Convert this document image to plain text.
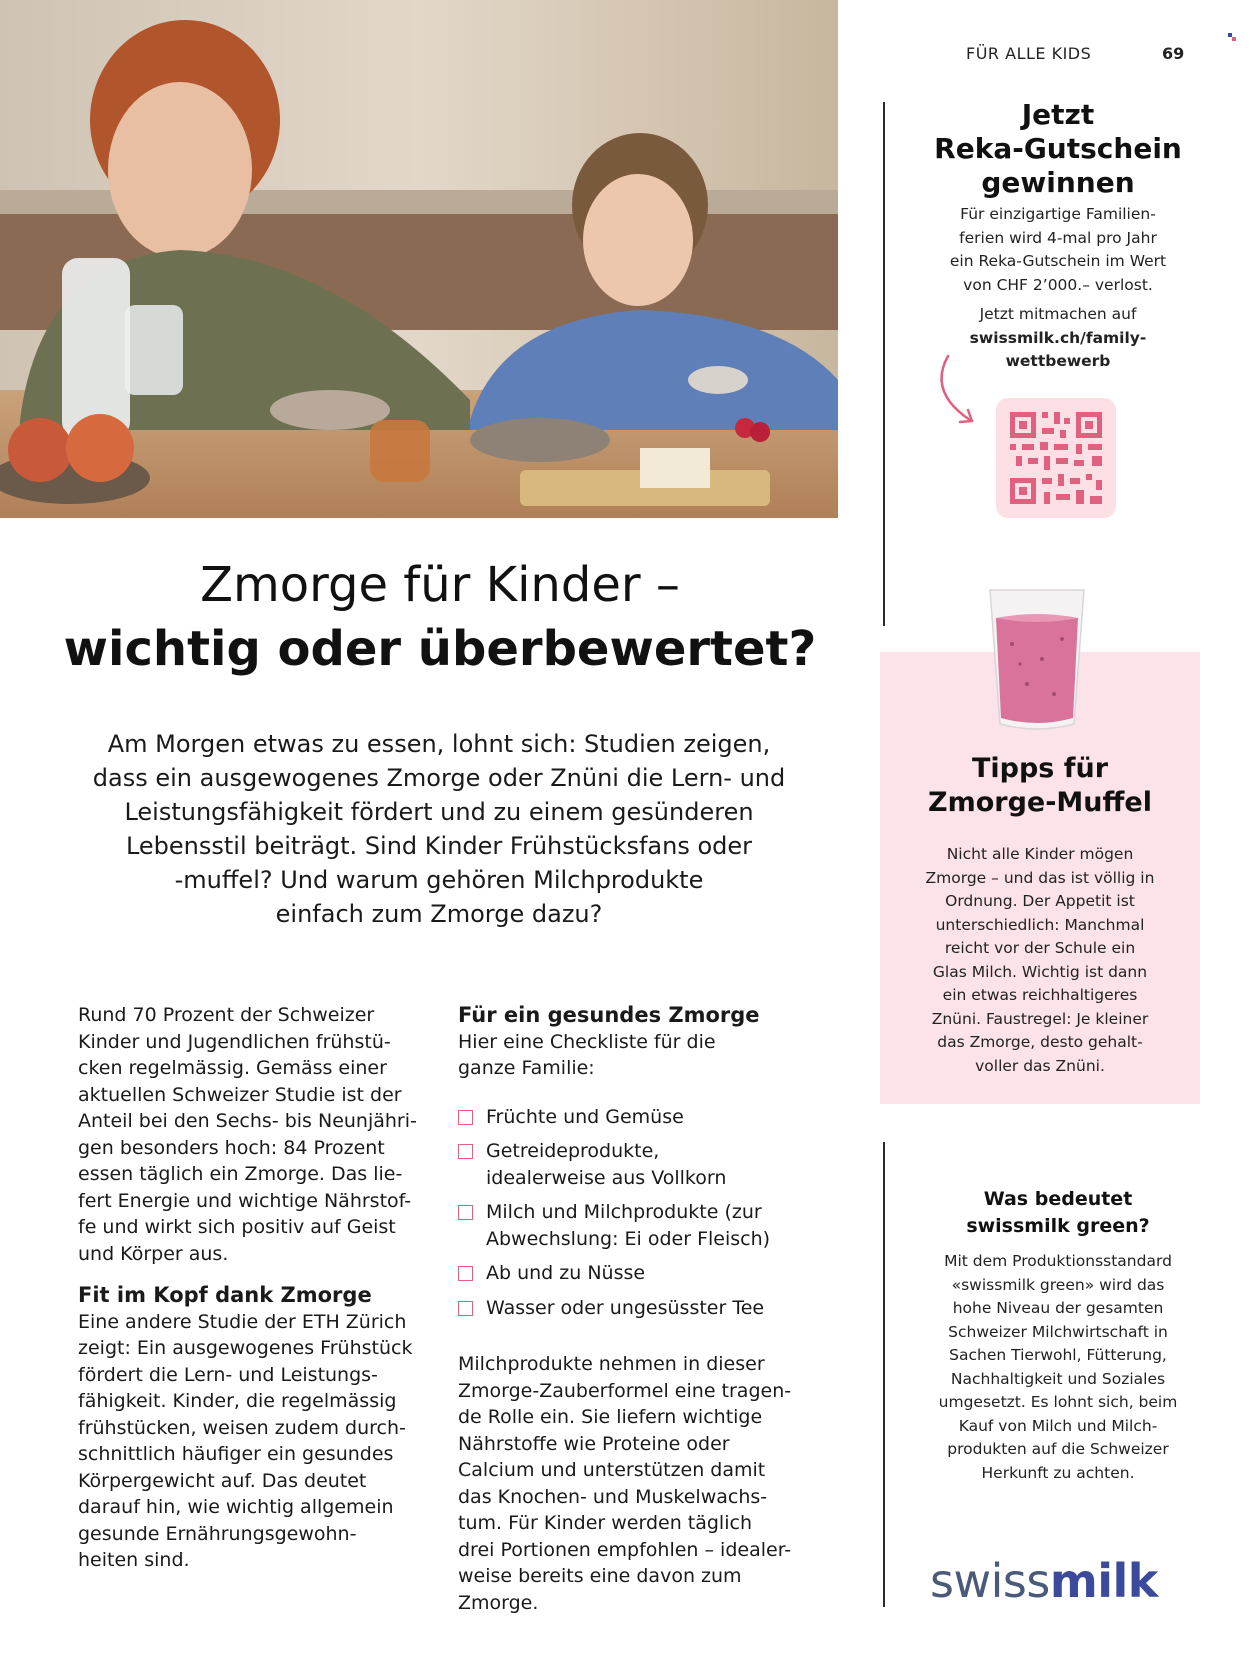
FÜR ALLE KIDS	69
Jetzt
Reka-Gutschein
gewinnen
Für einzigartige Familien-
ferien wird 4-mal pro Jahr
ein Reka-Gutschein im Wert
von CHF 2’000.– verlost.
Jetzt mitmachen auf
swissmilk.ch/family-
wettbewerb
Zmorge für Kinder –
wichtig oder überbewertet?
Am Morgen etwas zu essen, lohnt sich: Studien zeigen,
dass ein ausgewogenes Zmorge oder Znüni die Lern- und
Leistungsfähigkeit fördert und zu einem gesünderen
Lebensstil beiträgt. Sind Kinder Frühstücksfans oder
-muffel? Und warum gehören Milchprodukte
einfach zum Zmorge dazu?
Rund 70 Prozent der Schweizer
Kinder und Jugendlichen frühstü-
cken regelmässig. Gemäss einer
aktuellen Schweizer Studie ist der
Anteil bei den Sechs- bis Neunjähri-
gen besonders hoch: 84 Prozent
essen täglich ein Zmorge. Das lie-
fert Energie und wichtige Nährstof-
fe und wirkt sich positiv auf Geist
und Körper aus.
Fit im Kopf dank Zmorge
Eine andere Studie der ETH Zürich
zeigt: Ein ausgewogenes Frühstück
fördert die Lern- und Leistungs-
fähigkeit. Kinder, die regelmässig
frühstücken, weisen zudem durch-
schnittlich häufiger ein gesundes
Körpergewicht auf. Das deutet
darauf hin, wie wichtig allgemein
gesunde Ernährungsgewohn-
heiten sind.
Für ein gesundes Zmorge
Hier eine Checkliste für die
ganze Familie:
Früchte und Gemüse
Getreideprodukte,
idealerweise aus Vollkorn
Milch und Milchprodukte (zur
Abwechslung: Ei oder Fleisch)
Ab und zu Nüsse
Wasser oder ungesüsster Tee
Milchprodukte nehmen in dieser
Zmorge-Zauberformel eine tragen-
de Rolle ein. Sie liefern wichtige
Nährstoffe wie Proteine oder
Calcium und unterstützen damit
das Knochen- und Muskelwachs-
tum. Für Kinder werden täglich
drei Portionen empfohlen – idealer-
weise bereits eine davon zum
Zmorge.
Tipps für
Zmorge-Muffel
Nicht alle Kinder mögen
Zmorge – und das ist völlig in
Ordnung. Der Appetit ist
unterschiedlich: Manchmal
reicht vor der Schule ein
Glas Milch. Wichtig ist dann
ein etwas reichhaltigeres
Znüni. Faustregel: Je kleiner
das Zmorge, desto gehalt-
voller das Znüni.
Was bedeutet
swissmilk green?
Mit dem Produktionsstandard
«swissmilk green» wird das
hohe Niveau der gesamten
Schweizer Milchwirtschaft in
Sachen Tierwohl, Fütterung,
Nachhaltigkeit und Soziales
umgesetzt. Es lohnt sich, beim
Kauf von Milch und Milch-
produkten auf die Schweizer
Herkunft zu achten.
swissmilk
